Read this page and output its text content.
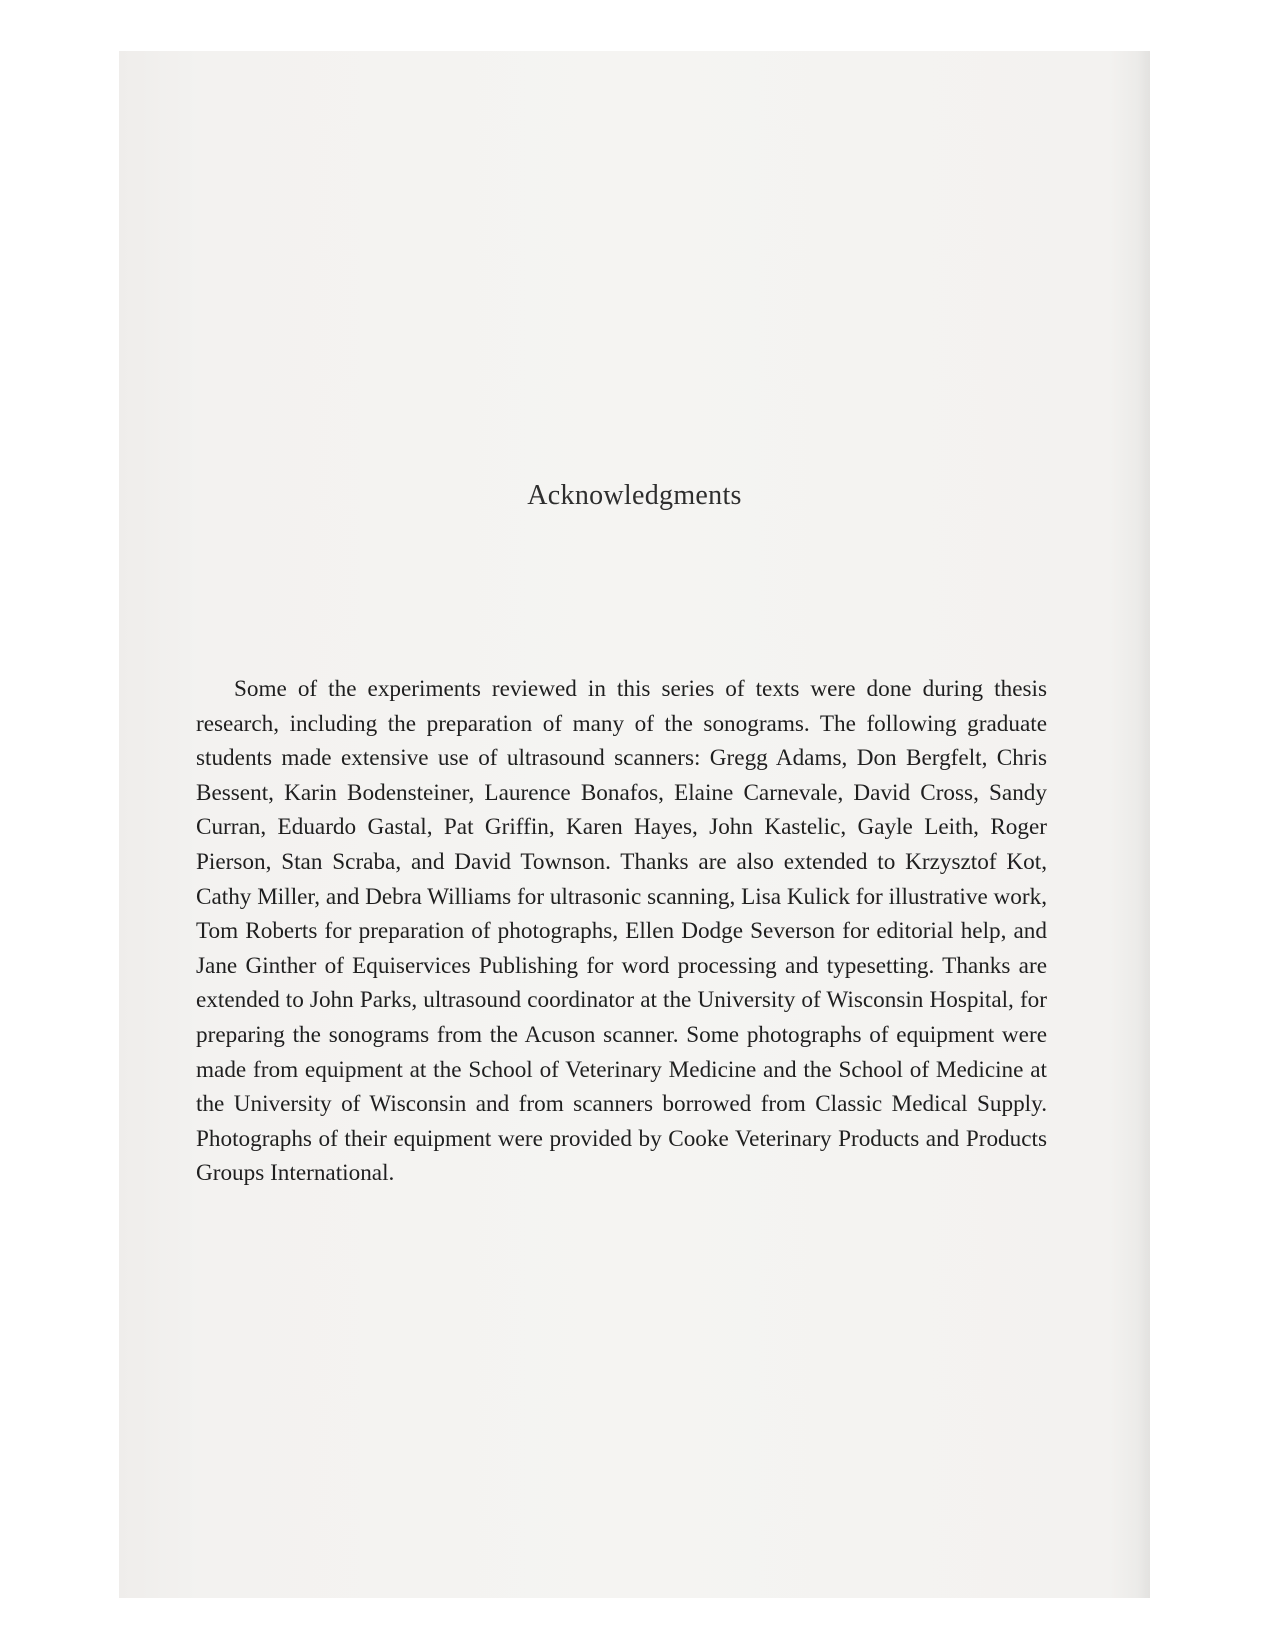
Acknowledgments

Some of the experiments reviewed in this series of texts were done during thesis research, including the preparation of many of the sonograms. The following graduate students made extensive use of ultrasound scanners: Gregg Adams, Don Bergfelt, Chris Bessent, Karin Bodensteiner, Laurence Bonafos, Elaine Carnevale, David Cross, Sandy Curran, Eduardo Gastal, Pat Griffin, Karen Hayes, John Kastelic, Gayle Leith, Roger Pierson, Stan Scraba, and David Townson. Thanks are also extended to Krzysztof Kot, Cathy Miller, and Debra Williams for ultrasonic scanning, Lisa Kulick for illustrative work, Tom Roberts for preparation of photographs, Ellen Dodge Severson for editorial help, and Jane Ginther of Equiservices Publishing for word processing and typesetting. Thanks are extended to John Parks, ultrasound coordinator at the University of Wisconsin Hospital, for preparing the sonograms from the Acuson scanner. Some photographs of equipment were made from equipment at the School of Veterinary Medicine and the School of Medicine at the University of Wisconsin and from scanners borrowed from Classic Medical Supply. Photographs of their equipment were provided by Cooke Veterinary Products and Products Groups International.
